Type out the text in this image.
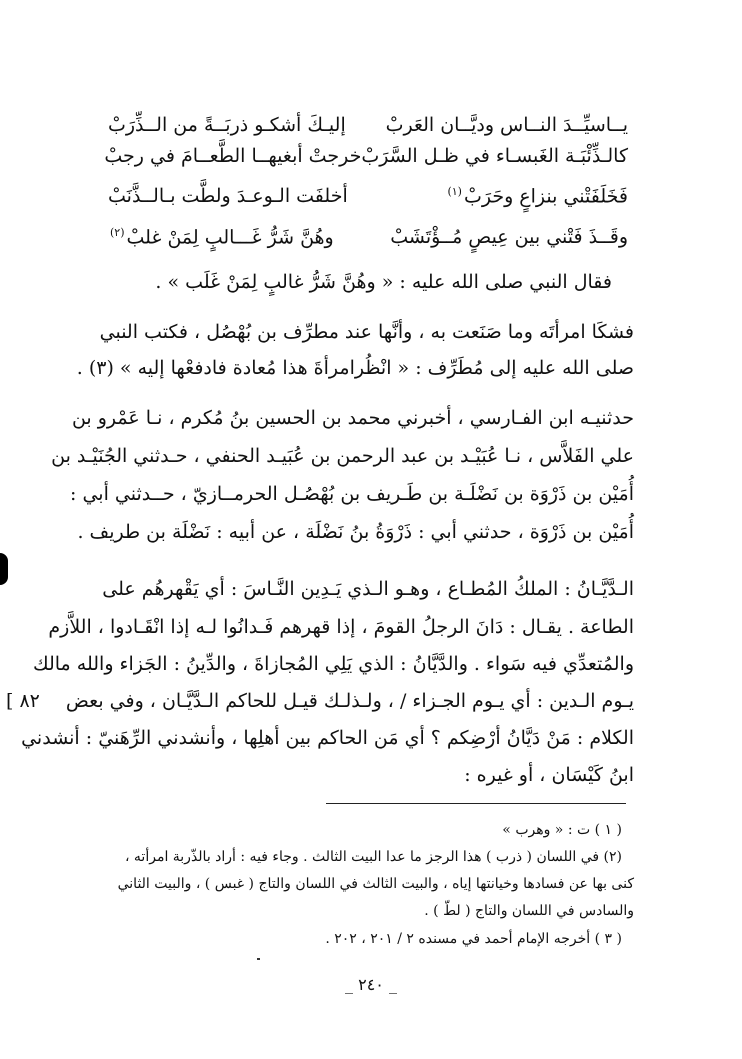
يــاسيِّــدَ النــاس وديَّــان العَربْ
إليـكَ أشكـو ذربَــةً من الــذِّرَبْ
كالـذِّئْبَـة الغَبسـاء في ظـل السَّرَبْ
خرجتْ أبغيهــا الطَّعــامَ في رجبْ
فَخَلَفَتْني بنزاعٍ وحَرَبْ$^{(١)}$
أخلفَت الـوعـدَ ولطَّت بـالــذَّنَبْ
وقَــذَ فَتْني بين عِيصٍ مُــؤْتَشَبْ
وهُنَّ شَرُّ غَـــالبٍ لِمَنْ غلبْ$^{(٢)}$
فقال النبي صلى الله عليه : « وهُنَّ شَرُّ غالبٍ لِمَنْ غَلَب » .
فشكَا امرأتَه وما صَنَعت به ، وأنَّها عند مطرِّف بن بُهْصُل ، فكتب النبي
صلى الله عليه إلى مُطَرِّف : « انْظُرامرأةَ هذا مُعادة فادفعْها إليه » (٣) .
حدثنيـه ابن الفـارسي ، أخبرني محمد بن الحسين بنُ مُكرم ، نـا عَمْرو بن
علي الفَلاَّس ، نـا عُبَيْـد بن عبد الرحمن بن عُبَيـد الحنفي ، حـدثني الجُنَيْـد بن
أُمَيْن بن ذَرْوَة بن نَضْلَـة بن طَـريف بن بُهْصُـل الحرمــازيّ ، حــدثني أبي :
أُمَيْن بن ذَرْوَة ، حدثني أبي : ذَرْوَةُ بنُ نَضْلَة ، عن أبيه : نَضْلَة بن طريف .
الـدَّيَّـانُ : الملكُ المُطـاع ، وهـو الـذي يَـدِين النَّـاسَ : أي يَقْهرهُم على
الطاعة . يقـال : دَانَ الرجلُ القومَ ، إذا قهرهم فَـدانُوا لـه إذا انْقَـادوا ، اللاَّزم
والمُتعدِّي فيه سَواء . والدَّيَّانُ : الذي يَلِي المُجازاةَ ، والدِّينُ : الجَزاء والله مالك
يـوم الـدين : أي يـوم الجـزاء / ، ولـذلـك قيـل للحاكم الـدَّيَّـان ، وفي بعض
الكلام : مَنْ دَيَّانُ أرْضِكم ؟ أي مَن الحاكم بين أهلِها ، وأنشدني الرِّهَنيّ : أنشدني
ابنُ كَيْسَان ، أو غيره :
٨٢ ]
( ١ ) ت : « وهرب »
(٢) في اللسان ( ذرب ) هذا الرجز ما عدا البيت الثالث . وجاء فيه : أراد بالذّربة امرأته ،
كنى بها عن فسادها وخيانتها إياه ، والبيت الثالث في اللسان والتاج ( غبس ) ، والبيت الثاني
والسادس في اللسان والتاج ( لطّ ) .
( ٣ ) أخرجه الإمام أحمد في مسنده ٢ / ٢٠١ ، ٢٠٢ .
_ ٢٤٠ _
